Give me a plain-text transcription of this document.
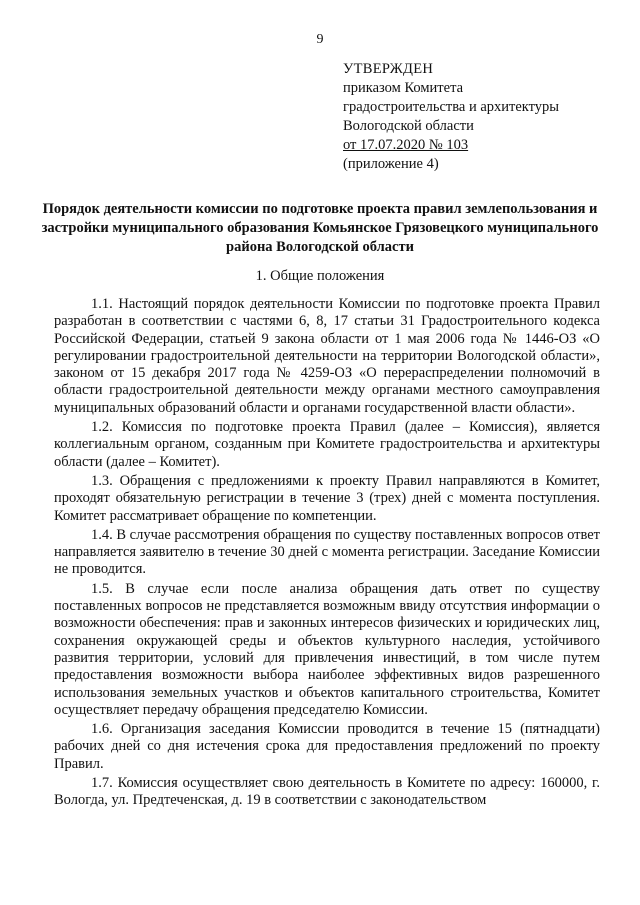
9
УТВЕРЖДЕН
приказом Комитета
градостроительства и архитектуры
Вологодской области
от 17.07.2020 № 103
(приложение 4)
Порядок деятельности комиссии по подготовке проекта правил землепользования и застройки муниципального образования Комьянское Грязовецкого муниципального района Вологодской области
1. Общие положения

1.1. Настоящий порядок деятельности Комиссии по подготовке проекта Правил разработан в соответствии с частями 6, 8, 17 статьи 31 Градостроительного кодекса Российской Федерации, статьей 9 закона области от 1 мая 2006 года № 1446-ОЗ «О регулировании градостроительной деятельности на территории Вологодской области», законом от 15 декабря 2017 года № 4259-ОЗ «О перераспределении полномочий в области градостроительной деятельности между органами местного самоуправления муниципальных образований области и органами государственной власти области».

1.2. Комиссия по подготовке проекта Правил (далее – Комиссия), является коллегиальным органом, созданным при Комитете градостроительства и архитектуры области (далее – Комитет).

1.3. Обращения с предложениями к проекту Правил направляются в Комитет, проходят обязательную регистрации в течение 3 (трех) дней с момента поступления. Комитет рассматривает обращение по компетенции.

1.4. В случае рассмотрения обращения по существу поставленных вопросов ответ направляется заявителю в течение 30 дней с момента регистрации. Заседание Комиссии не проводится.

1.5. В случае если после анализа обращения дать ответ по существу поставленных вопросов не представляется возможным ввиду отсутствия информации о возможности обеспечения: прав и законных интересов физических и юридических лиц, сохранения окружающей среды и объектов культурного наследия, устойчивого развития территории, условий для привлечения инвестиций, в том числе путем предоставления возможности выбора наиболее эффективных видов разрешенного использования земельных участков и объектов капитального строительства, Комитет осуществляет передачу обращения председателю Комиссии.

1.6. Организация заседания Комиссии проводится в течение 15 (пятнадцати) рабочих дней со дня истечения срока для предоставления предложений по проекту Правил.

1.7. Комиссия осуществляет свою деятельность в Комитете по адресу: 160000, г. Вологда, ул. Предтеченская, д. 19 в соответствии с законодательством
